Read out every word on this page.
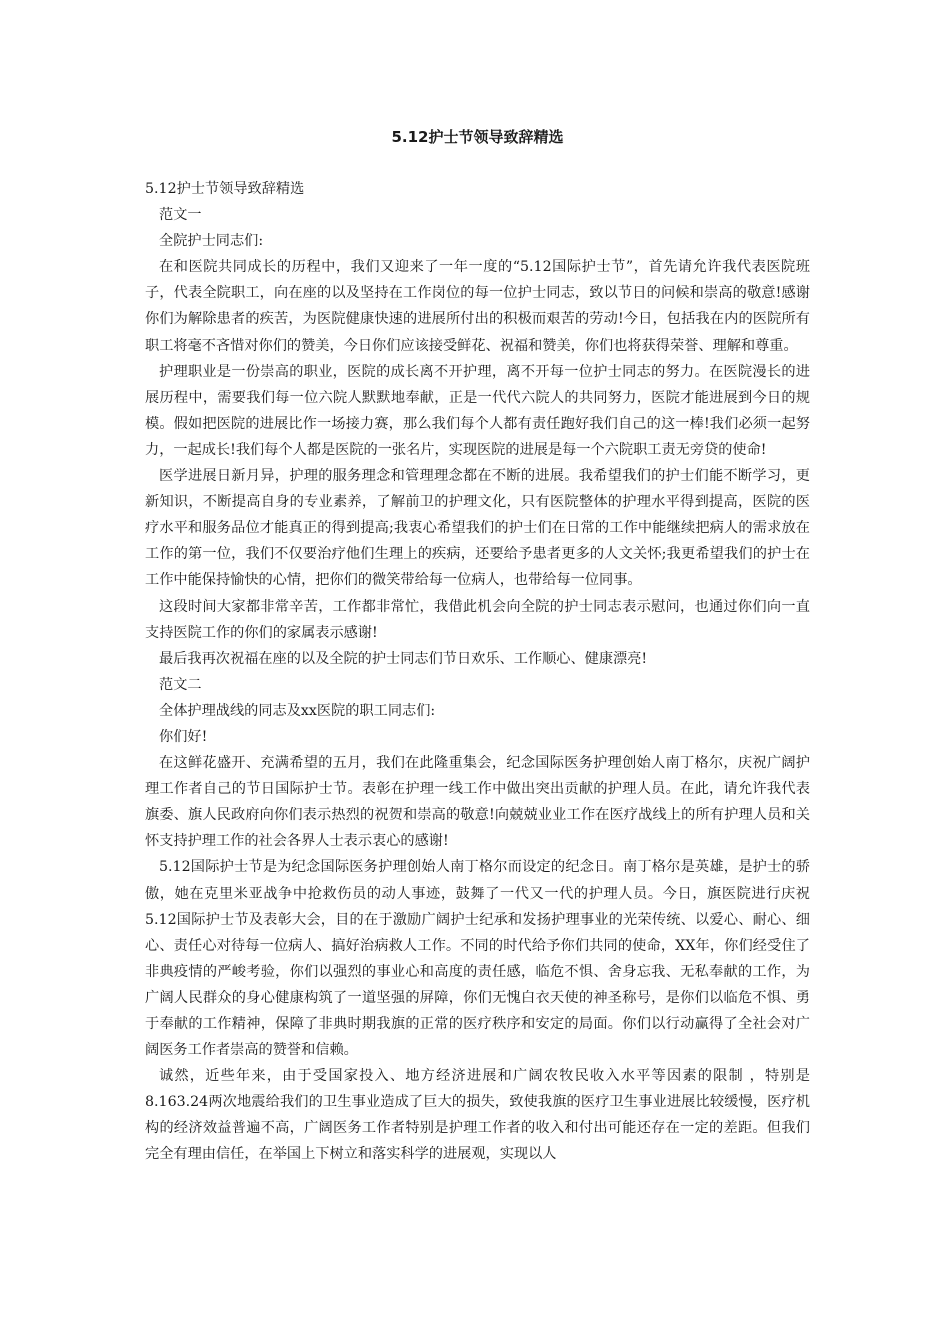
5.12护士节领导致辞精选

5.12护士节领导致辞精选

范文一

全院护士同志们:

在和医院共同成长的历程中，我们又迎来了一年一度的“5.12国际护士节”，首先请允许我代表医院班子，代表全院职工，向在座的以及坚持在工作岗位的每一位护士同志，致以节日的问候和崇高的敬意!感谢你们为解除患者的疾苦，为医院健康快速的进展所付出的积极而艰苦的劳动!今日，包括我在内的医院所有职工将毫不吝惜对你们的赞美，今日你们应该接受鲜花、祝福和赞美，你们也将获得荣誉、理解和尊重。

护理职业是一份崇高的职业，医院的成长离不开护理，离不开每一位护士同志的努力。在医院漫长的进展历程中，需要我们每一位六院人默默地奉献，正是一代代六院人的共同努力，医院才能进展到今日的规模。假如把医院的进展比作一场接力赛，那么我们每个人都有责任跑好我们自己的这一棒!我们必须一起努力，一起成长!我们每个人都是医院的一张名片，实现医院的进展是每一个六院职工责无旁贷的使命!

医学进展日新月异，护理的服务理念和管理理念都在不断的进展。我希望我们的护士们能不断学习，更新知识，不断提高自身的专业素养，了解前卫的护理文化，只有医院整体的护理水平得到提高，医院的医疗水平和服务品位才能真正的得到提高;我衷心希望我们的护士们在日常的工作中能继续把病人的需求放在工作的第一位，我们不仅要治疗他们生理上的疾病，还要给予患者更多的人文关怀;我更希望我们的护士在工作中能保持愉快的心情，把你们的微笑带给每一位病人，也带给每一位同事。

这段时间大家都非常辛苦，工作都非常忙，我借此机会向全院的护士同志表示慰问，也通过你们向一直支持医院工作的你们的家属表示感谢!

最后我再次祝福在座的以及全院的护士同志们节日欢乐、工作顺心、健康漂亮!

范文二

全体护理战线的同志及xx医院的职工同志们:

你们好!

在这鲜花盛开、充满希望的五月，我们在此隆重集会，纪念国际医务护理创始人南丁格尔，庆祝广阔护理工作者自己的节日国际护士节。表彰在护理一线工作中做出突出贡献的护理人员。在此，请允许我代表旗委、旗人民政府向你们表示热烈的祝贺和崇高的敬意!向兢兢业业工作在医疗战线上的所有护理人员和关怀支持护理工作的社会各界人士表示衷心的感谢!

5.12国际护士节是为纪念国际医务护理创始人南丁格尔而设定的纪念日。南丁格尔是英雄，是护士的骄傲，她在克里米亚战争中抢救伤员的动人事迹，鼓舞了一代又一代的护理人员。今日，旗医院进行庆祝5.12国际护士节及表彰大会，目的在于激励广阔护士纪承和发扬护理事业的光荣传统、以爱心、耐心、细心、责任心对待每一位病人、搞好治病救人工作。不同的时代给予你们共同的使命，XX年，你们经受住了非典疫情的严峻考验，你们以强烈的事业心和高度的责任感，临危不惧、舍身忘我、无私奉献的工作，为广阔人民群众的身心健康构筑了一道坚强的屏障，你们无愧白衣天使的神圣称号，是你们以临危不惧、勇于奉献的工作精神，保障了非典时期我旗的正常的医疗秩序和安定的局面。你们以行动赢得了全社会对广阔医务工作者崇高的赞誉和信赖。

诚然，近些年来，由于受国家投入、地方经济进展和广阔农牧民收入水平等因素的限制 ，特别是8.163.24两次地震给我们的卫生事业造成了巨大的损失，致使我旗的医疗卫生事业进展比较缓慢，医疗机构的经济效益普遍不高，广阔医务工作者特别是护理工作者的收入和付出可能还存在一定的差距。但我们完全有理由信任，在举国上下树立和落实科学的进展观，实现以人
